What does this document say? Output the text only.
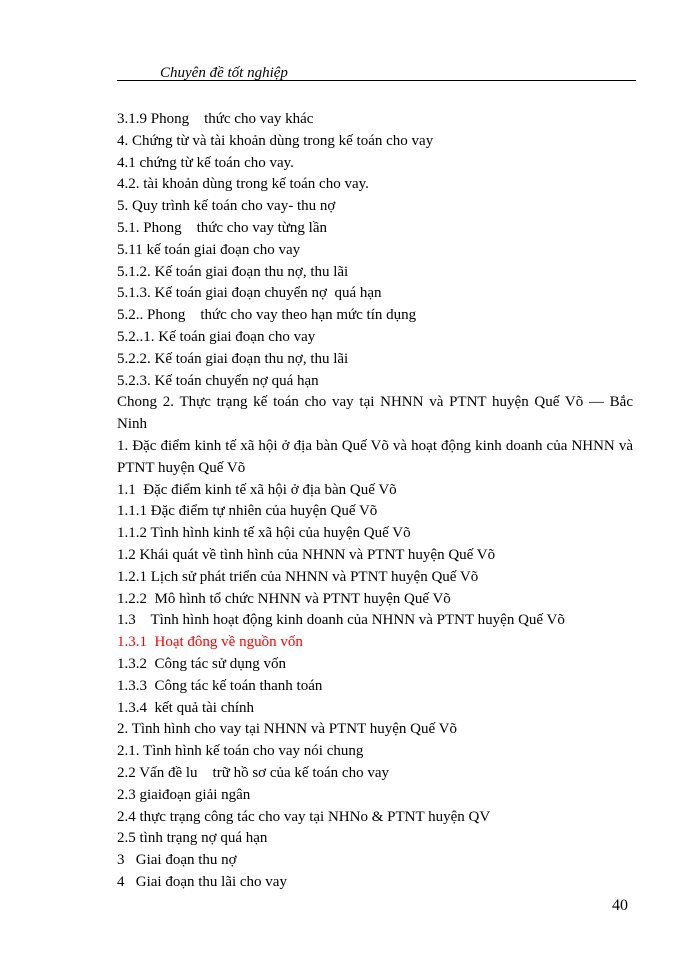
Chuyên đề tốt nghiệp
3.1.9 Phong    thức cho vay khác
4. Chứng từ và tài khoản dùng trong kế toán cho vay
4.1 chứng từ kế toán cho vay.
4.2. tài khoản dùng trong kế toán cho vay.
5. Quy trình kế toán cho vay- thu nợ
5.1. Phong    thức cho vay từng lần
5.11 kế toán giai đoạn cho vay
5.1.2. Kế toán giai đoạn thu nợ, thu lãi
5.1.3. Kế toán giai đoạn chuyển nợ  quá hạn
5.2.. Phong    thức cho vay theo hạn mức tín dụng
5.2..1. Kế toán giai đoạn cho vay
5.2.2. Kế toán giai đoạn thu nợ, thu lãi
5.2.3. Kế toán chuyển nợ quá hạn
Chong 2. Thực trạng kế toán cho vay tại NHNN và PTNT huyện Quế Võ — Bắc Ninh
1. Đặc điểm kinh tế xã hội ở địa bàn Quế Võ và hoạt động kinh doanh của NHNN và PTNT huyện Quế Võ
1.1  Đặc điểm kinh tế xã hội ở địa bàn Quế Võ
1.1.1 Đặc điểm tự nhiên của huyện Quế Võ
1.1.2 Tình hình kinh tế xã hội của huyện Quế Võ
1.2 Khái quát về tình hình của NHNN và PTNT huyện Quế Võ
1.2.1 Lịch sử phát triển của NHNN và PTNT huyện Quế Võ
1.2.2  Mô hình tổ chức NHNN và PTNT huyện Quế Võ
1.3    Tình hình hoạt động kinh doanh của NHNN và PTNT huyện Quế Võ
1.3.1  Hoạt đông về nguồn vốn
1.3.2  Công tác sử dụng vốn
1.3.3  Công tác kế toán thanh toán
1.3.4  kết quả tài chính
2. Tình hình cho vay tại NHNN và PTNT huyện Quế Võ
2.1. Tình hình kế toán cho vay nói chung
2.2 Vấn đề lu    trữ hồ sơ của kế toán cho vay
2.3 giaiđoạn giải ngân
2.4 thực trạng công tác cho vay tại NHNo & PTNT huyện QV
2.5 tình trạng nợ quá hạn
3   Giai đoạn thu nợ
4   Giai đoạn thu lãi cho vay
40
